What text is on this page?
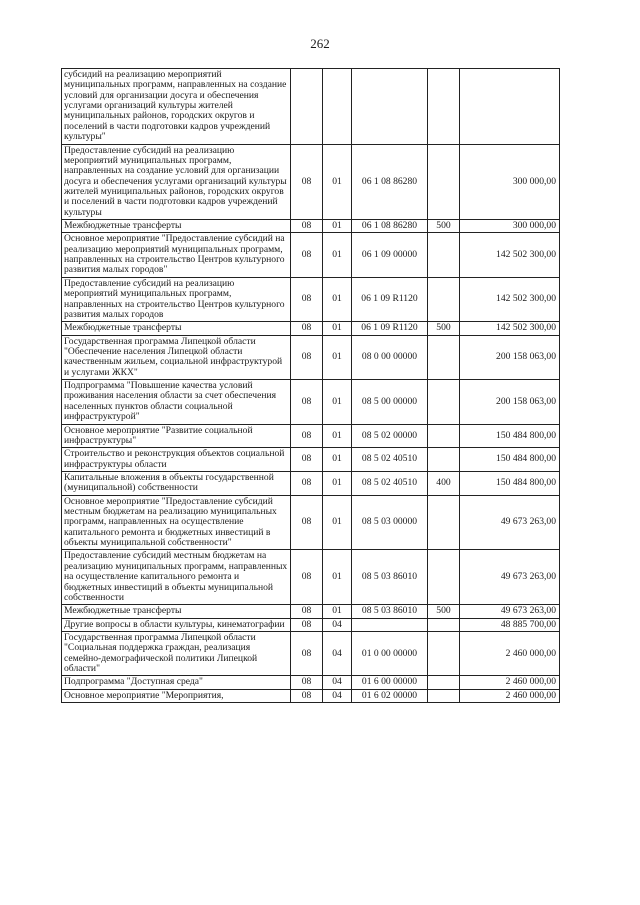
262
субсидий на реализацию мероприятий муниципальных программ, направленных на создание условий для организации досуга и обеспечения услугами организаций культуры жителей муниципальных районов, городских округов и поселений в части подготовки кадров учреждений культуры"					
Предоставление субсидий на реализацию мероприятий муниципальных программ, направленных на создание условий для организации досуга и обеспечения услугами организаций культуры жителей муниципальных районов, городских округов и поселений в части подготовки кадров учреждений культуры	08	01	06 1 08 86280		300 000,00
Межбюджетные трансферты	08	01	06 1 08 86280	500	300 000,00
Основное мероприятие "Предоставление субсидий на реализацию мероприятий муниципальных программ, направленных на строительство Центров культурного развития малых городов"	08	01	06 1 09 00000		142 502 300,00
Предоставление субсидий на реализацию мероприятий муниципальных программ, направленных на строительство Центров культурного развития малых городов	08	01	06 1 09 R1120		142 502 300,00
Межбюджетные трансферты	08	01	06 1 09 R1120	500	142 502 300,00
Государственная программа Липецкой области "Обеспечение населения Липецкой области качественным жильем, социальной инфраструктурой и услугами ЖКХ"	08	01	08 0 00 00000		200 158 063,00
Подпрограмма "Повышение качества условий проживания населения области за счет обеспечения населенных пунктов области социальной инфраструктурой"	08	01	08 5 00 00000		200 158 063,00
Основное мероприятие "Развитие социальной инфраструктуры"	08	01	08 5 02 00000		150 484 800,00
Строительство и реконструкция объектов социальной инфраструктуры области	08	01	08 5 02 40510		150 484 800,00
Капитальные вложения в объекты государственной (муниципальной) собственности	08	01	08 5 02 40510	400	150 484 800,00
Основное мероприятие "Предоставление субсидий местным бюджетам на реализацию муниципальных программ, направленных на осуществление капитального ремонта и бюджетных инвестиций в объекты муниципальной собственности"	08	01	08 5 03 00000		49 673 263,00
Предоставление субсидий местным бюджетам на реализацию муниципальных программ, направленных на осуществление капитального ремонта и бюджетных инвестиций в объекты муниципальной собственности	08	01	08 5 03 86010		49 673 263,00
Межбюджетные трансферты	08	01	08 5 03 86010	500	49 673 263,00
Другие вопросы в области культуры, кинематографии	08	04			48 885 700,00
Государственная программа Липецкой области "Социальная поддержка граждан, реализация семейно-демографической политики Липецкой области"	08	04	01 0 00 00000		2 460 000,00
Подпрограмма "Доступная среда"	08	04	01 6 00 00000		2 460 000,00
Основное мероприятие "Мероприятия,	08	04	01 6 02 00000		2 460 000,00
